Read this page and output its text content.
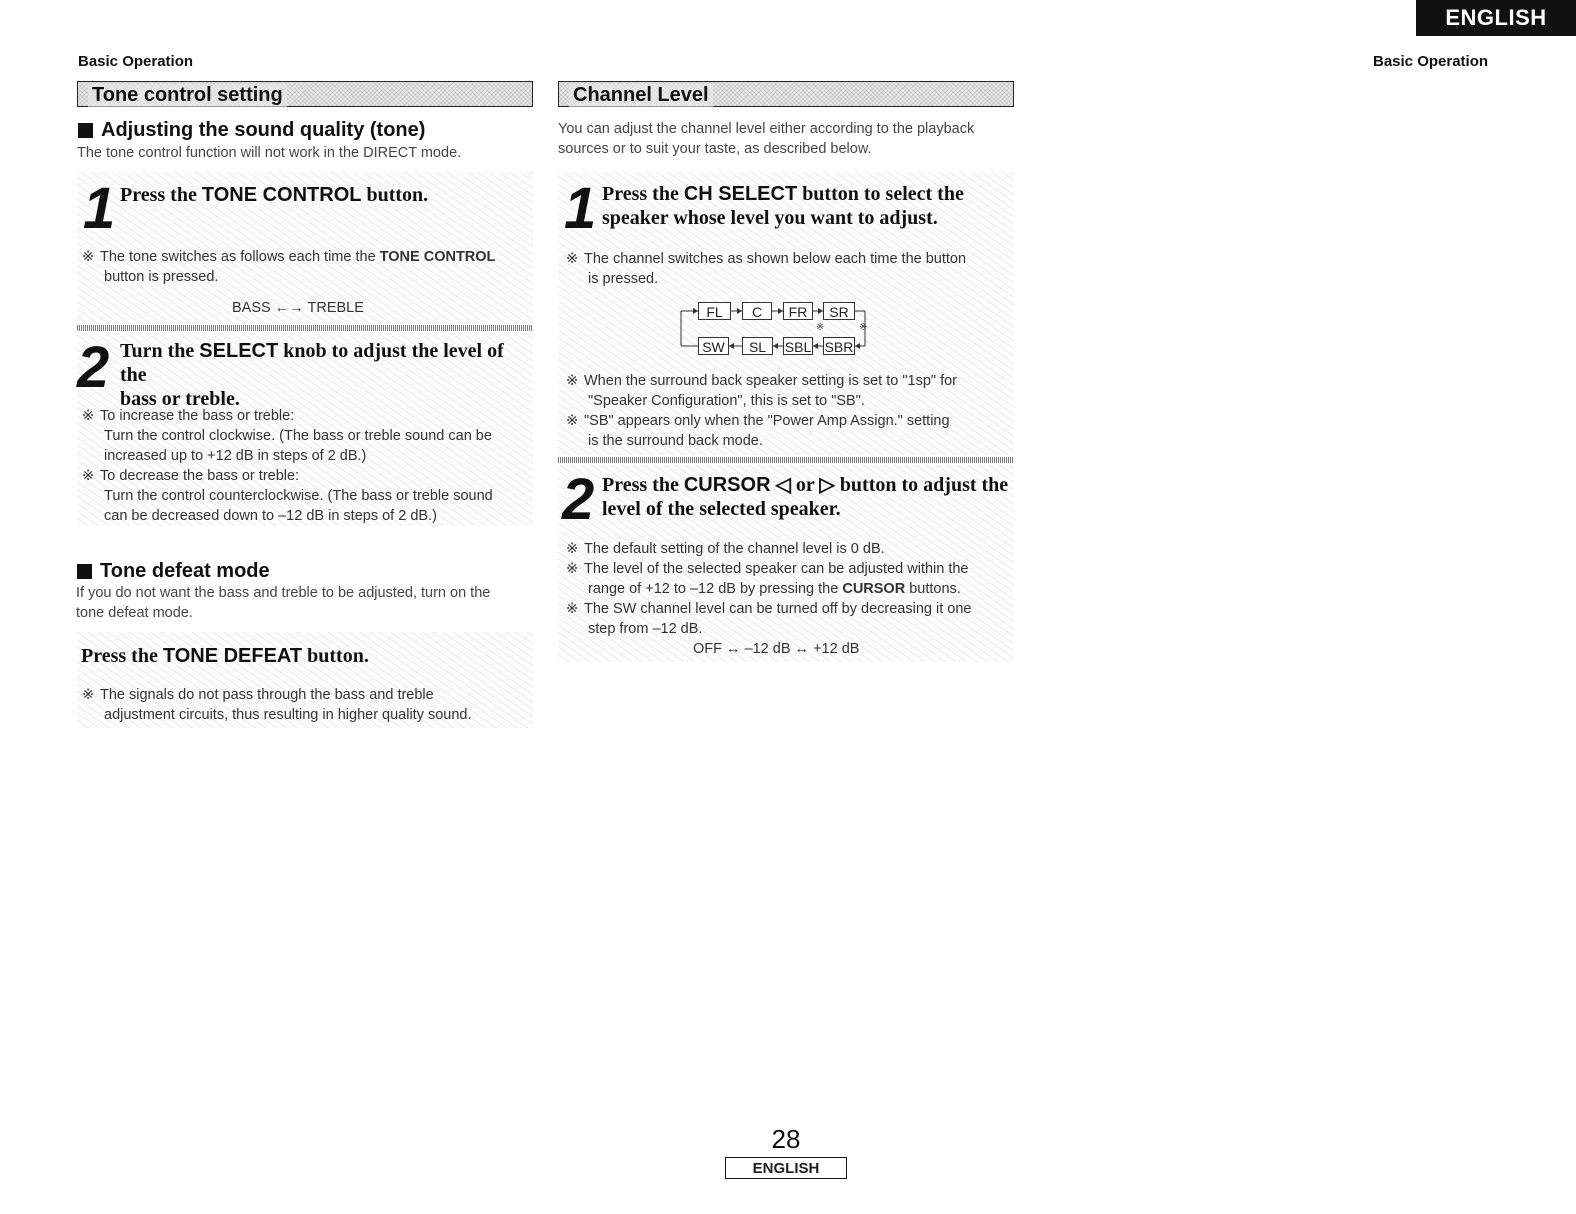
ENGLISH
Basic Operation	Basic Operation
Tone control setting
Adjusting the sound quality (tone)
The tone control function will not work in the DIRECT mode.
1 Press the TONE CONTROL button.
※ The tone switches as follows each time the TONE CONTROL
button is pressed.
BASS ←→ TREBLE
2 Turn the SELECT knob to adjust the level of the
bass or treble.
※ To increase the bass or treble:
Turn the control clockwise. (The bass or treble sound can be
increased up to +12 dB in steps of 2 dB.)
※ To decrease the bass or treble:
Turn the control counterclockwise. (The bass or treble sound
can be decreased down to –12 dB in steps of 2 dB.)
Tone defeat mode
If you do not want the bass and treble to be adjusted, turn on the
tone defeat mode.
Press the TONE DEFEAT button.
※ The signals do not pass through the bass and treble
adjustment circuits, thus resulting in higher quality sound.
Channel Level
You can adjust the channel level either according to the playback
sources or to suit your taste, as described below.
1 Press the CH SELECT button to select the
speaker whose level you want to adjust.
※ The channel switches as shown below each time the button
is pressed.
FL	C	FR	SR
SW	SL	SBL SBR
※	※
※ When the surround back speaker setting is set to "1sp" for
"Speaker Configuration", this is set to "SB".
※ "SB" appears only when the "Power Amp Assign." setting
is the surround back mode.
2 Press the CURSOR ◁ or ▷ button to adjust the
level of the selected speaker.
※ The default setting of the channel level is 0 dB.
※ The level of the selected speaker can be adjusted within the
range of +12 to –12 dB by pressing the CURSOR buttons.
※ The SW channel level can be turned off by decreasing it one
step from –12 dB.
OFF ↔ –12 dB ↔ +12 dB
28
ENGLISH
